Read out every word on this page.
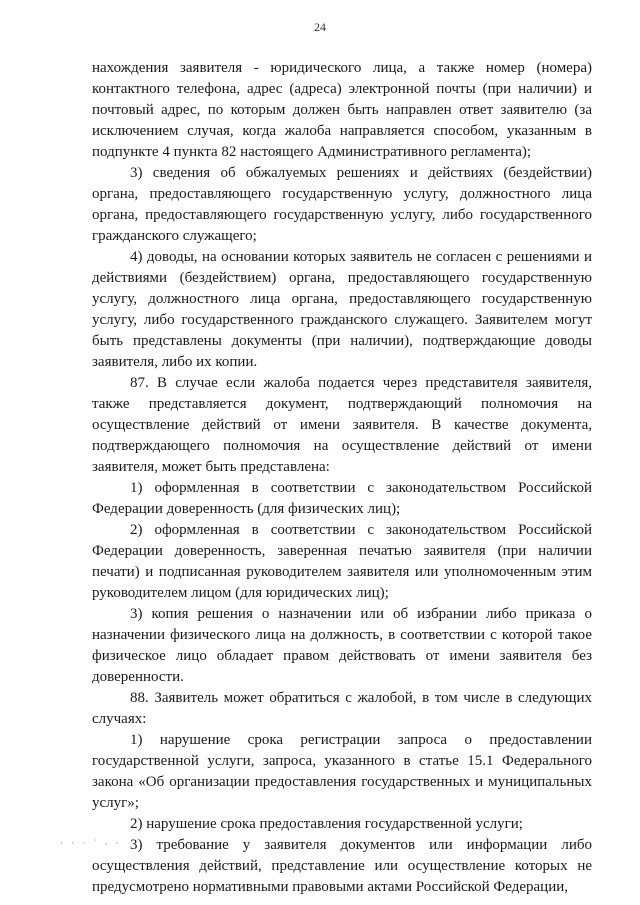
24

нахождения заявителя - юридического лица, а также номер (номера) контактного телефона, адрес (адреса) электронной почты (при наличии) и почтовый адрес, по которым должен быть направлен ответ заявителю (за исключением случая, когда жалоба направляется способом, указанным в подпункте 4 пункта 82 настоящего Административного регламента);

3) сведения об обжалуемых решениях и действиях (бездействии) органа, предоставляющего государственную услугу, должностного лица органа, предоставляющего государственную услугу, либо государственного гражданского служащего;

4) доводы, на основании которых заявитель не согласен с решениями и действиями (бездействием) органа, предоставляющего государственную услугу, должностного лица органа, предоставляющего государственную услугу, либо государственного гражданского служащего. Заявителем могут быть представлены документы (при наличии), подтверждающие доводы заявителя, либо их копии.

87. В случае если жалоба подается через представителя заявителя, также представляется документ, подтверждающий полномочия на осуществление действий от имени заявителя. В качестве документа, подтверждающего полномочия на осуществление действий от имени заявителя, может быть представлена:

1) оформленная в соответствии с законодательством Российской Федерации доверенность (для физических лиц);

2) оформленная в соответствии с законодательством Российской Федерации доверенность, заверенная печатью заявителя (при наличии печати) и подписанная руководителем заявителя или уполномоченным этим руководителем лицом (для юридических лиц);

3) копия решения о назначении или об избрании либо приказа о назначении физического лица на должность, в соответствии с которой такое физическое лицо обладает правом действовать от имени заявителя без доверенности.

88. Заявитель может обратиться с жалобой, в том числе в следующих случаях:

1) нарушение срока регистрации запроса о предоставлении государственной услуги, запроса, указанного в статье 15.1 Федерального закона «Об организации предоставления государственных и муниципальных услуг»;

2) нарушение срока предоставления государственной услуги;

3) требование у заявителя документов или информации либо осуществления действий, представление или осуществление которых не предусмотрено нормативными правовыми актами Российской Федерации,

· · · ˙ ⸳ ·
